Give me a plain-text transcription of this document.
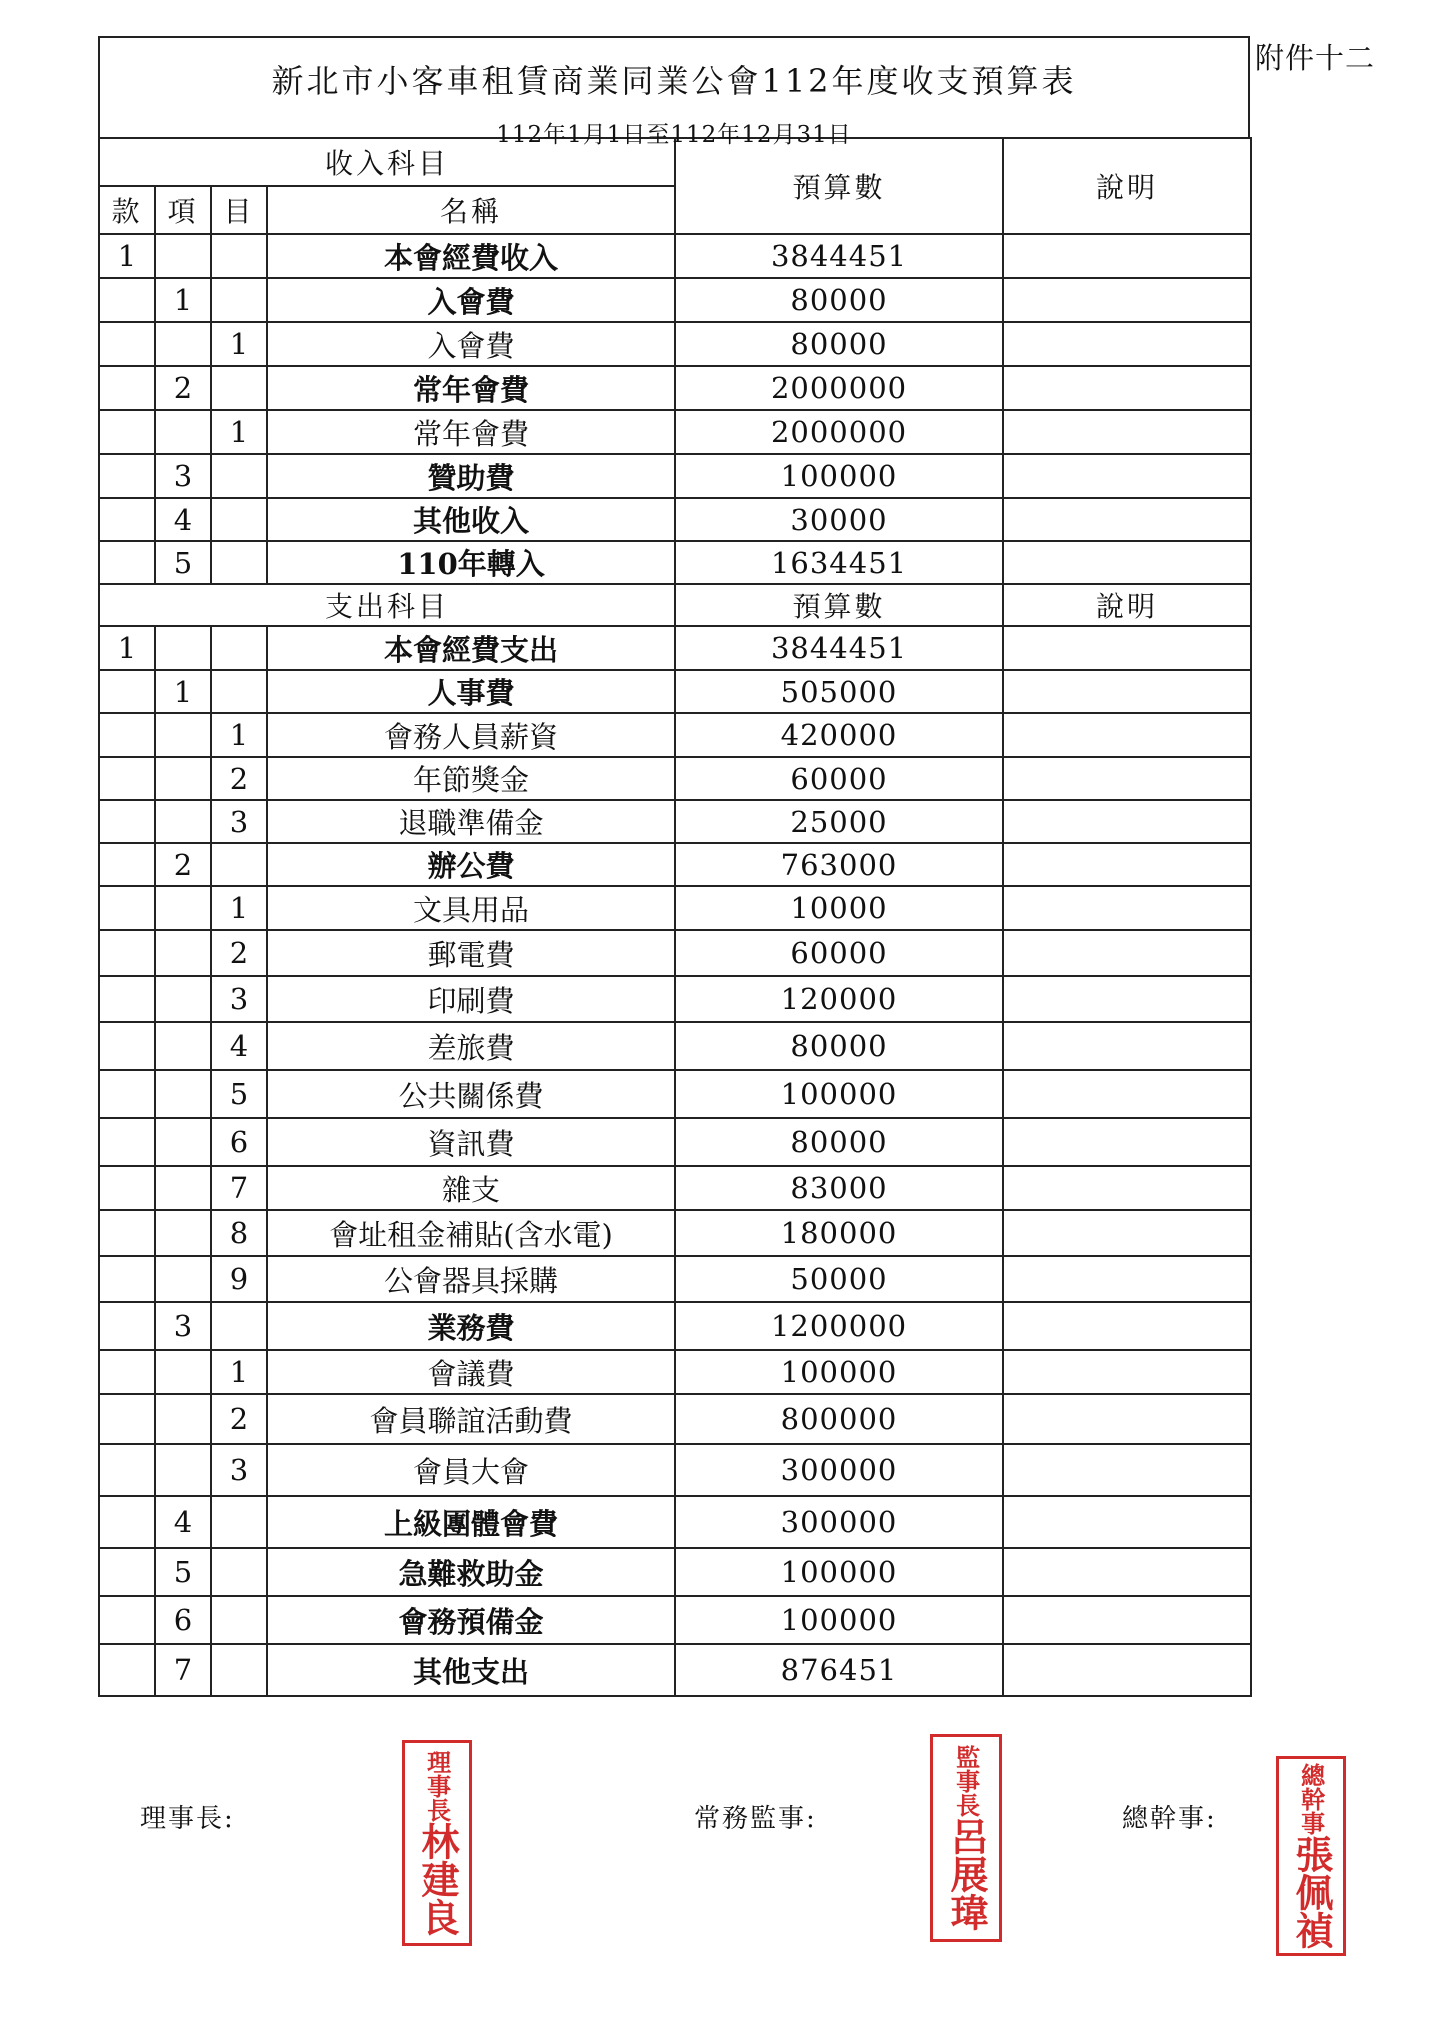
附件十二
新北市小客車租賃商業同業公會112年度收支預算表
112年1月1日至112年12月31日
收入科目				預算數	說明
款	項	目	名稱		
1			本會經費收入	3844451	
	1		入會費	80000	
		1	入會費	80000	
	2		常年會費	2000000	
		1	常年會費	2000000	
	3		贊助費	100000	
	4		其他收入	30000	
	5		110年轉入	1634451	
支出科目				預算數	說明
1			本會經費支出	3844451	
	1		人事費	505000	
		1	會務人員薪資	420000	
		2	年節獎金	60000	
		3	退職準備金	25000	
	2		辦公費	763000	
		1	文具用品	10000	
		2	郵電費	60000	
		3	印刷費	120000	
		4	差旅費	80000	
		5	公共關係費	100000	
		6	資訊費	80000	
		7	雜支	83000	
		8	會址租金補貼(含水電)	180000	
		9	公會器具採購	50000	
	3		業務費	1200000	
		1	會議費	100000	
		2	會員聯誼活動費	800000	
		3	會員大會	300000	
	4		上級團體會費	300000	
	5		急難救助金	100000	
	6		會務預備金	100000	
	7		其他支出	876451	
理事長:	理事長
林建良
常務監事:
監事長
呂展瑋	總幹事:	總幹事
張佩禎
